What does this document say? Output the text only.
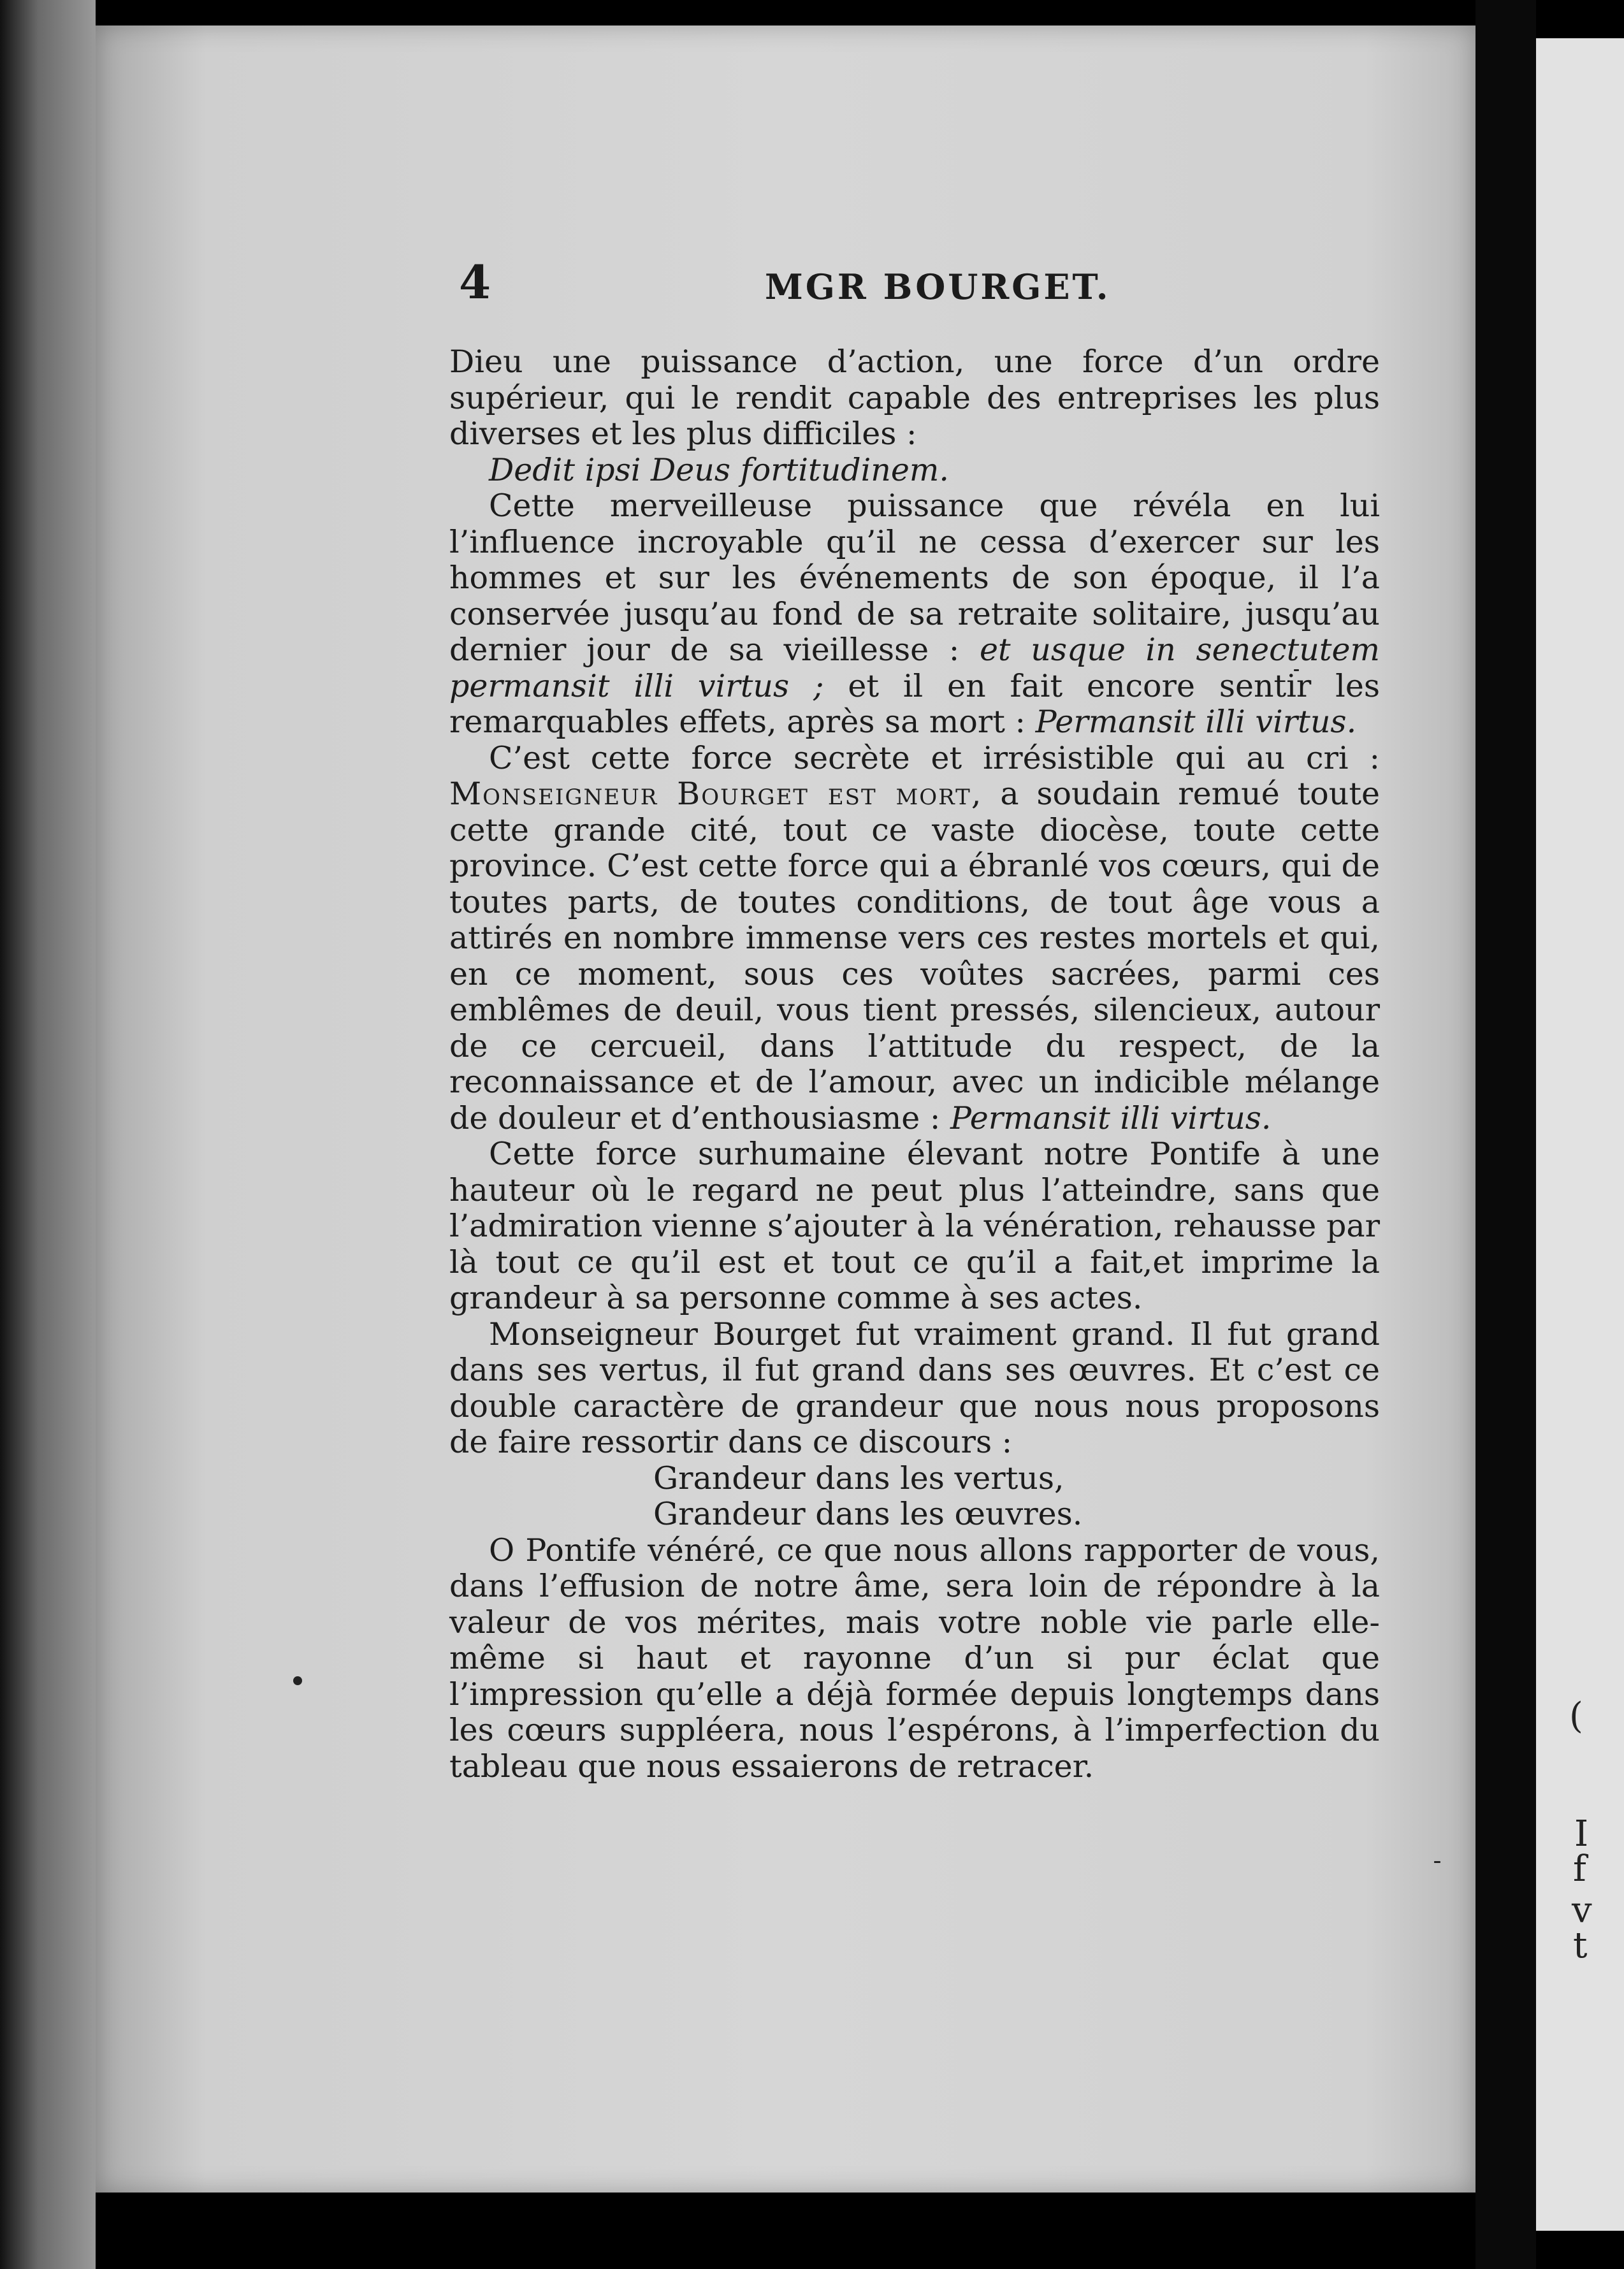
4	MGR BOURGET.

Dieu une puissance d’action, une force d’un ordre supérieur, qui le rendit capable des entreprises les plus diverses et les plus difficiles :

Dedit ipsi Deus fortitudinem.

Cette merveilleuse puissance que révéla en lui l’influence incroyable qu’il ne cessa d’exercer sur les hommes et sur les événements de son époque, il l’a conservée jusqu’au fond de sa retraite solitaire, jusqu’au dernier jour de sa vieillesse : et usque in senectutem permansit illi virtus ; et il en fait encore sentir les remarquables effets, après sa mort : Permansit illi virtus.

C’est cette force secrète et irrésistible qui au cri : Monseigneur Bourget est mort, a soudain remué toute cette grande cité, tout ce vaste diocèse, toute cette province. C’est cette force qui a ébranlé vos cœurs, qui de toutes parts, de toutes conditions, de tout âge vous a attirés en nombre immense vers ces restes mortels et qui, en ce moment, sous ces voûtes sacrées, parmi ces emblêmes de deuil, vous tient pressés, silencieux, autour de ce cercueil, dans l’attitude du respect, de la reconnaissance et de l’amour, avec un indicible mélange de douleur et d’enthousiasme : Permansit illi virtus.

Cette force surhumaine élevant notre Pontife à une hauteur où le regard ne peut plus l’atteindre, sans que l’admiration vienne s’ajouter à la vénération, rehausse par là tout ce qu’il est et tout ce qu’il a fait,et imprime la grandeur à sa personne comme à ses actes.

Monseigneur Bourget fut vraiment grand. Il fut grand dans ses vertus, il fut grand dans ses œuvres. Et c’est ce double caractère de grandeur que nous nous proposons de faire ressortir dans ce discours :

Grandeur dans les vertus,

Grandeur dans les œuvres.

O Pontife vénéré, ce que nous allons rapporter de vous, dans l’effusion de notre âme, sera loin de répondre à la valeur de vos mérites, mais votre noble vie parle elle-même si haut et rayonne d’un si pur éclat que l’impression qu’elle a déjà formée depuis longtemps dans les cœurs suppléera, nous l’espérons, à l’imperfection du tableau que nous essaierons de retracer.

(
I
f
v
t
